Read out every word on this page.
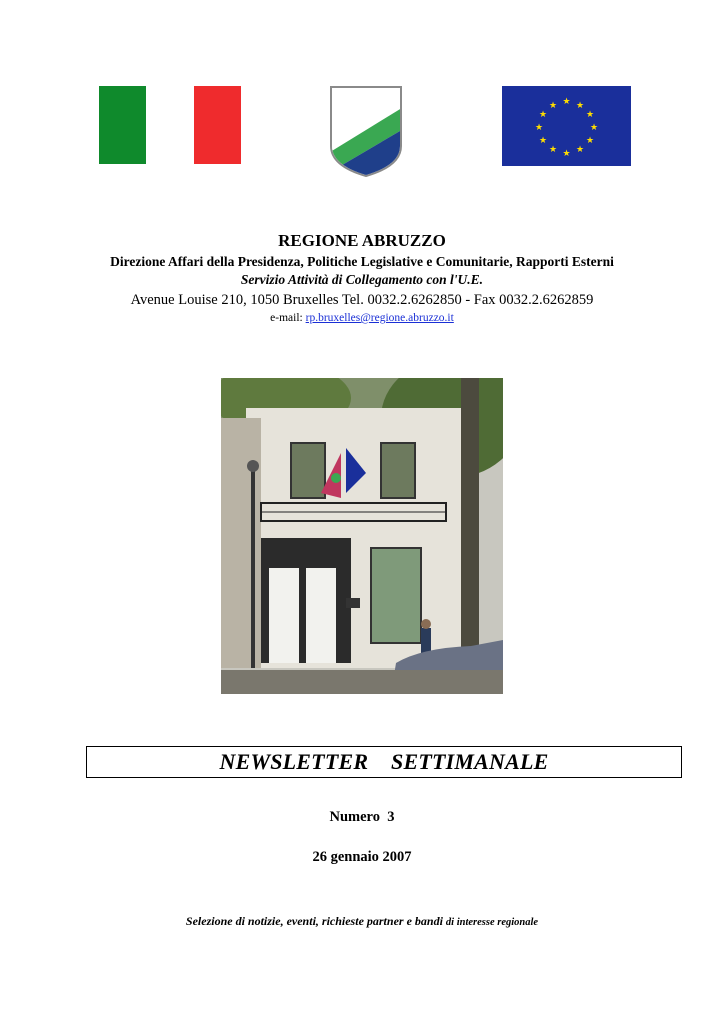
★ ★
★
★
★
★
★
★
★
★
★
★
REGIONE ABRUZZO
Direzione Affari della Presidenza, Politiche Legislative e Comunitarie, Rapporti Esterni
Servizio Attività di Collegamento con l'U.E.
Avenue Louise 210, 1050 Bruxelles Tel. 0032.2.6262850 - Fax 0032.2.6262859
e-mail: rp.bruxelles@regione.abruzzo.it
NEWSLETTER    SETTIMANALE
Numero  3
26 gennaio 2007
Selezione di notizie, eventi, richieste partner e bandi di interesse regionale
